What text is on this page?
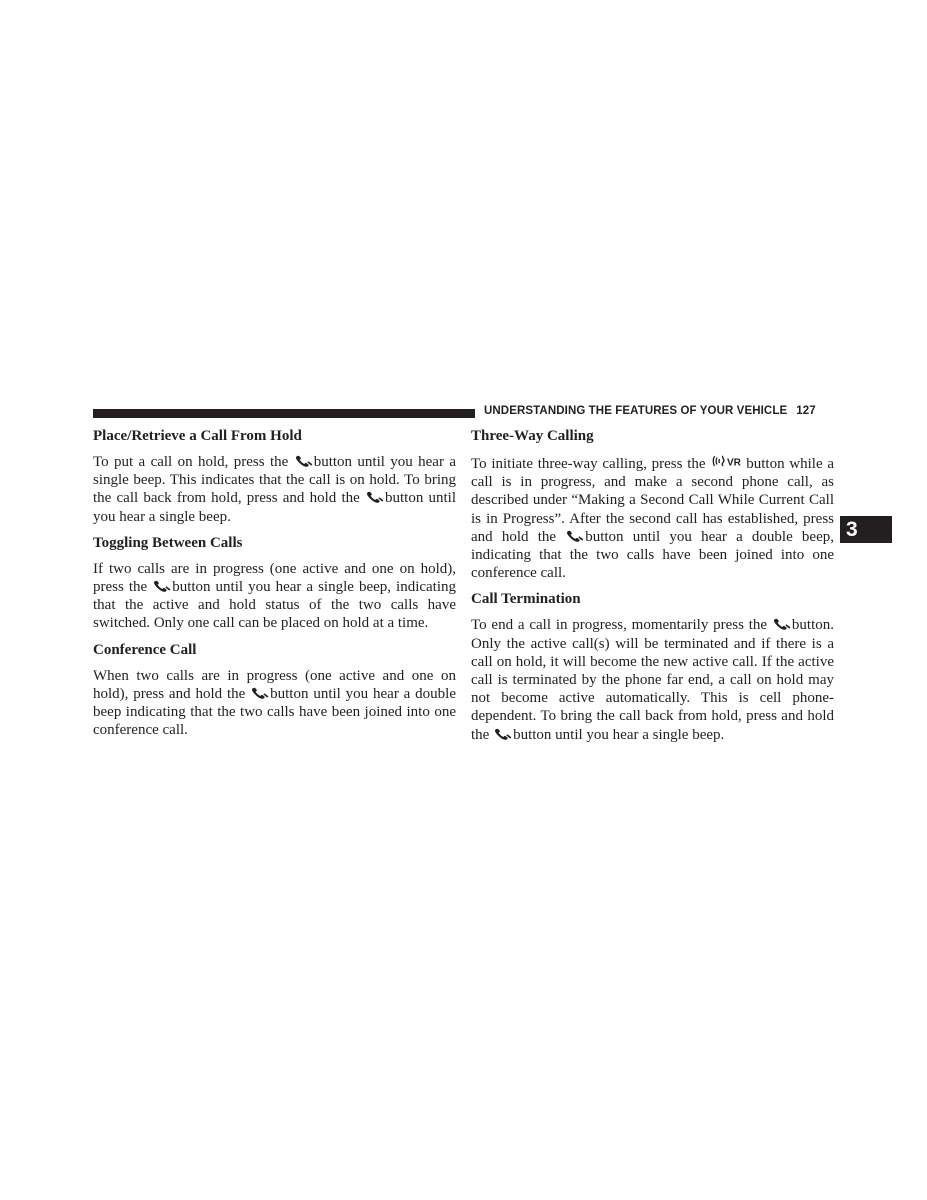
UNDERSTANDING THE FEATURES OF YOUR VEHICLE 127
3
Place/Retrieve a Call From Hold

To put a call on hold, press the button until you hear a single beep. This indicates that the call is on hold. To bring the call back from hold, press and hold the button until you hear a single beep.

Toggling Between Calls

If two calls are in progress (one active and one on hold), press the button until you hear a single beep, indicating that the active and hold status of the two calls have switched. Only one call can be placed on hold at a time.

Conference Call

When two calls are in progress (one active and one on hold), press and hold the button until you hear a double beep indicating that the two calls have been joined into one conference call.

Three-Way Calling

To initiate three-way calling, press the VR button while a call is in progress, and make a second phone call, as described under “Making a Second Call While Current Call is in Progress”. After the second call has established, press and hold the button until you hear a double beep, indicating that the two calls have been joined into one conference call.

Call Termination

To end a call in progress, momentarily press the button. Only the active call(s) will be terminated and if there is a call on hold, it will become the new active call. If the active call is terminated by the phone far end, a call on hold may not become active automatically. This is cell phone-dependent. To bring the call back from hold, press and hold the button until you hear a single beep.
